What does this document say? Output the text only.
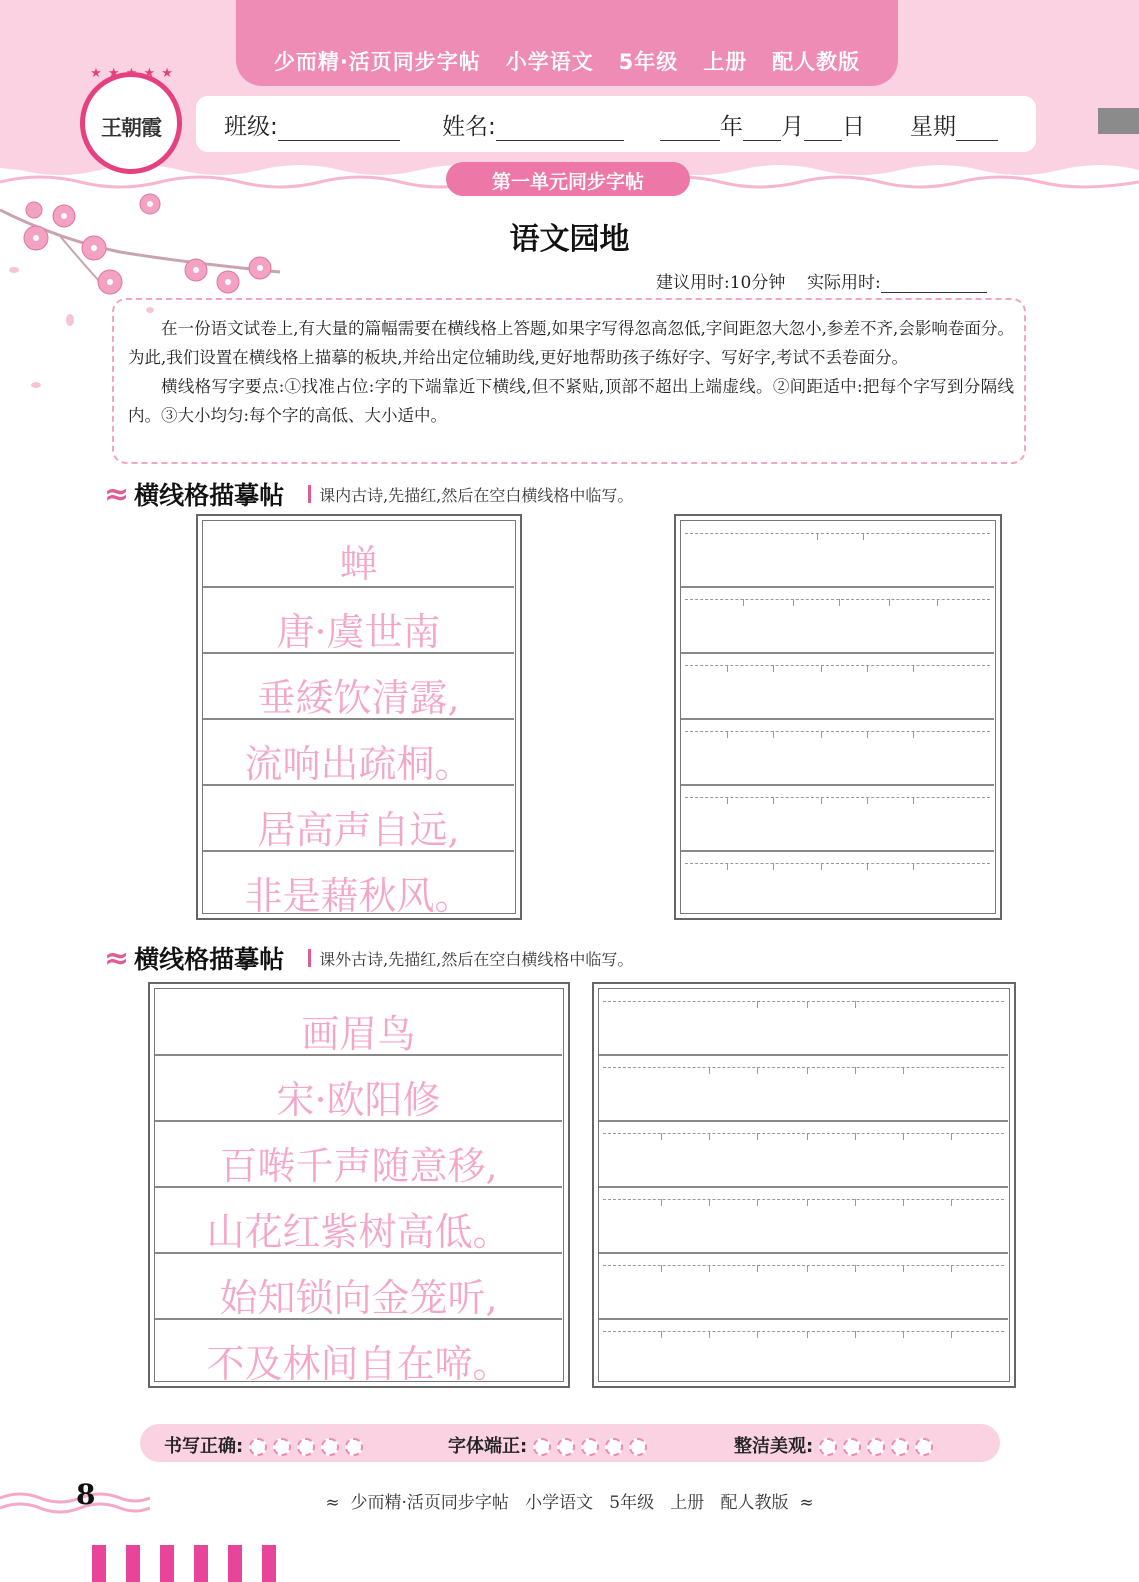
少而精·活页同步字帖   小学语文   5年级   上册   配人教版
班级:	姓名:	年 月 日 星期
★ ★ ★ ★ ★
王朝霞
第一单元同步字帖
语文园地
建议用时:10分钟 实际用时:

在一份语文试卷上,有大量的篇幅需要在横线格上答题,如果字写得忽高忽低,字间距忽大忽小,参差不齐,会影响卷面分。为此,我们设置在横线格上描摹的板块,并给出定位辅助线,更好地帮助孩子练好字、写好字,考试不丢卷面分。

横线格写字要点:①找准占位:字的下端靠近下横线,但不紧贴,顶部不超出上端虚线。②间距适中:把每个字写到分隔线内。③大小均匀:每个字的高低、大小适中。

≈ 横线格描摹帖 课内古诗,先描红,然后在空白横线格中临写。
蝉
唐·虞世南
垂緌饮清露,
流响出疏桐。
居高声自远,
非是藉秋风。
≈ 横线格描摹帖 课外古诗,先描红,然后在空白横线格中临写。
画眉鸟
宋·欧阳修
百啭千声随意移,
山花红紫树高低。
始知锁向金笼听,
不及林间自在啼。
书写正确:	字体端正:	整洁美观:
8	≈  少而精·活页同步字帖   小学语文   5年级   上册   配人教版  ≈
